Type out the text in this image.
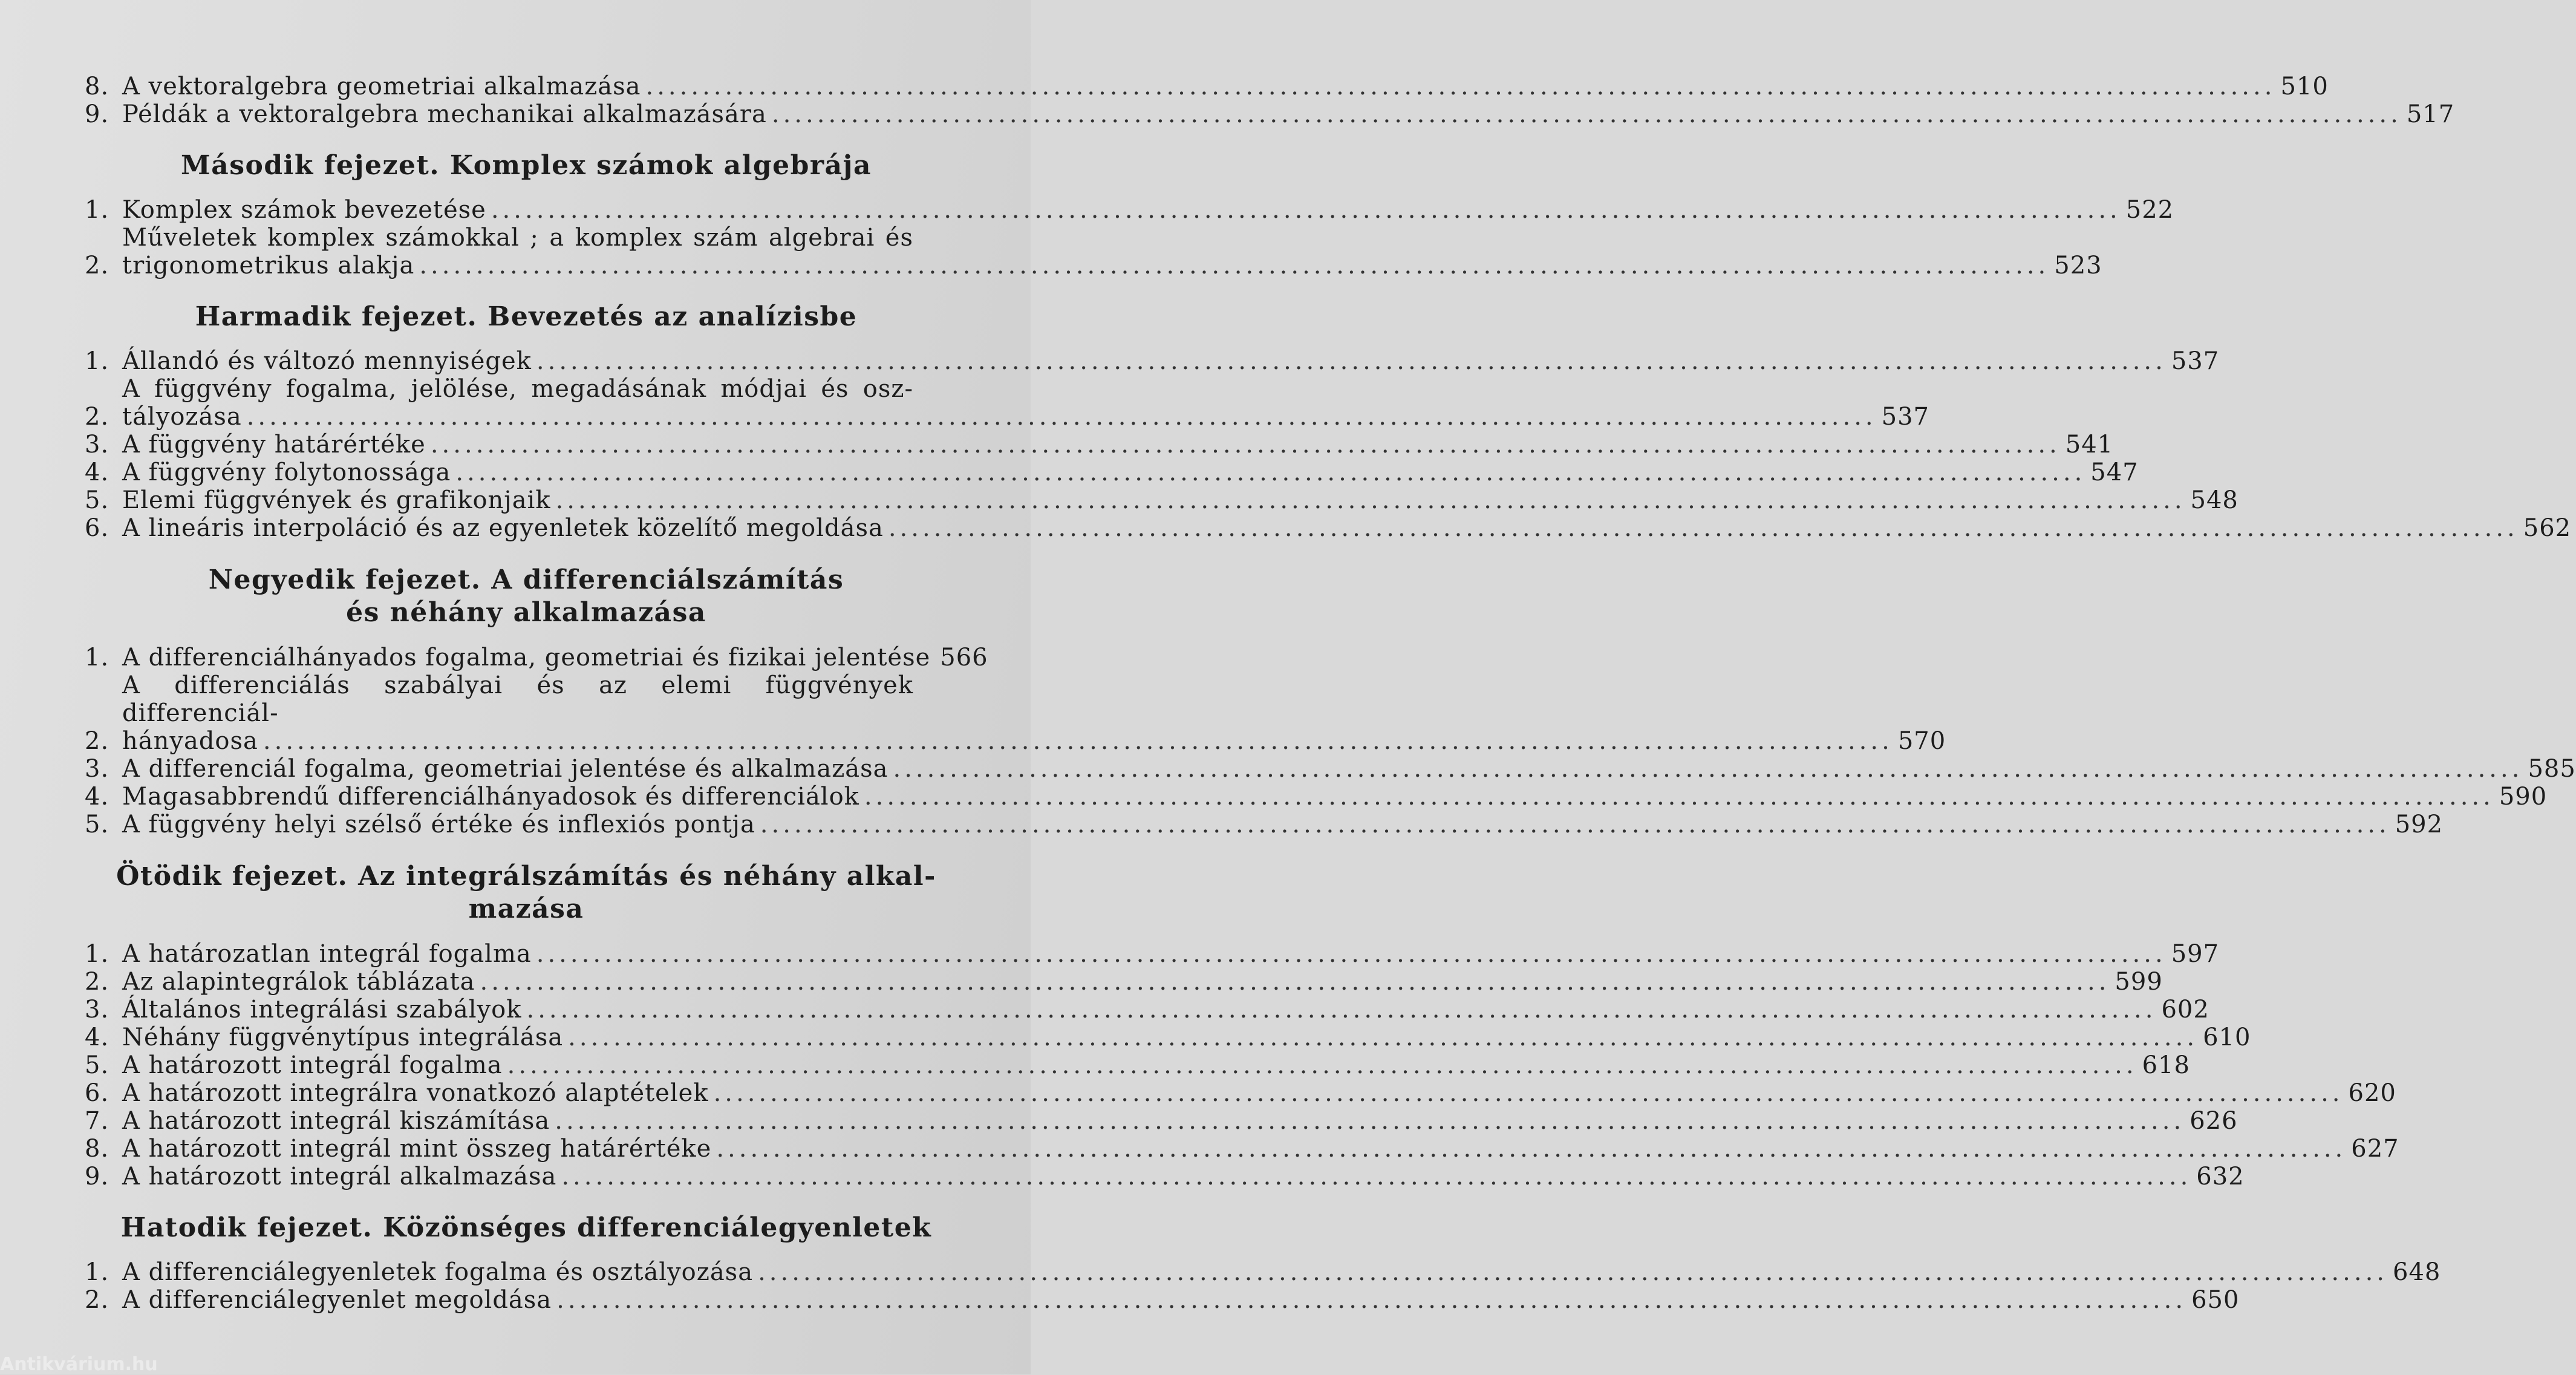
8. A vektoralgebra geometriai alkalmazása ................................................................................................................................................ 510
9. Példák a vektoralgebra mechanikai alkalmazására ................................................................................................................................................ 517
Második fejezet. Komplex számok algebrája
1. Komplex számok bevezetése ................................................................................................................................................ 522
2.
Műveletek komplex számokkal ; a komplex szám algebrai és
trigonometrikus alakja ................................................................................................................................................ 523
Harmadik fejezet. Bevezetés az analízisbe
1. Állandó és változó mennyiségek ................................................................................................................................................ 537
2.
A függvény fogalma, jelölése, megadásának módjai és osz-
tályozása ................................................................................................................................................ 537
3. A függvény határértéke ................................................................................................................................................ 541
4. A függvény folytonossága ................................................................................................................................................ 547
5. Elemi függvények és grafikonjaik ................................................................................................................................................ 548
6. A lineáris interpoláció és az egyenletek közelítő megoldása ................................................................................................................................................ 562
Negyedik fejezet. A differenciálszámítás
és néhány alkalmazása
1. A differenciálhányados fogalma, geometriai és fizikai jelentése 566
2.
A differenciálás szabályai és az elemi függvények differenciál-
hányadosa ................................................................................................................................................ 570
3. A differenciál fogalma, geometriai jelentése és alkalmazása ................................................................................................................................................ 585
4. Magasabbrendű differenciálhányadosok és differenciálok ................................................................................................................................................ 590
5. A függvény helyi szélső értéke és inflexiós pontja ................................................................................................................................................ 592
Ötödik fejezet. Az integrálszámítás és néhány alkal-
mazása
1. A határozatlan integrál fogalma ................................................................................................................................................ 597
2. Az alapintegrálok táblázata ................................................................................................................................................ 599
3. Általános integrálási szabályok ................................................................................................................................................ 602
4. Néhány függvénytípus integrálása ................................................................................................................................................ 610
5. A határozott integrál fogalma ................................................................................................................................................ 618
6. A határozott integrálra vonatkozó alaptételek ................................................................................................................................................ 620
7. A határozott integrál kiszámítása ................................................................................................................................................ 626
8. A határozott integrál mint összeg határértéke ................................................................................................................................................ 627
9. A határozott integrál alkalmazása ................................................................................................................................................ 632
Hatodik fejezet. Közönséges differenciálegyenletek
1. A differenciálegyenletek fogalma és osztályozása ................................................................................................................................................ 648
2. A differenciálegyenlet megoldása ................................................................................................................................................ 650
Antikvárium.hu
